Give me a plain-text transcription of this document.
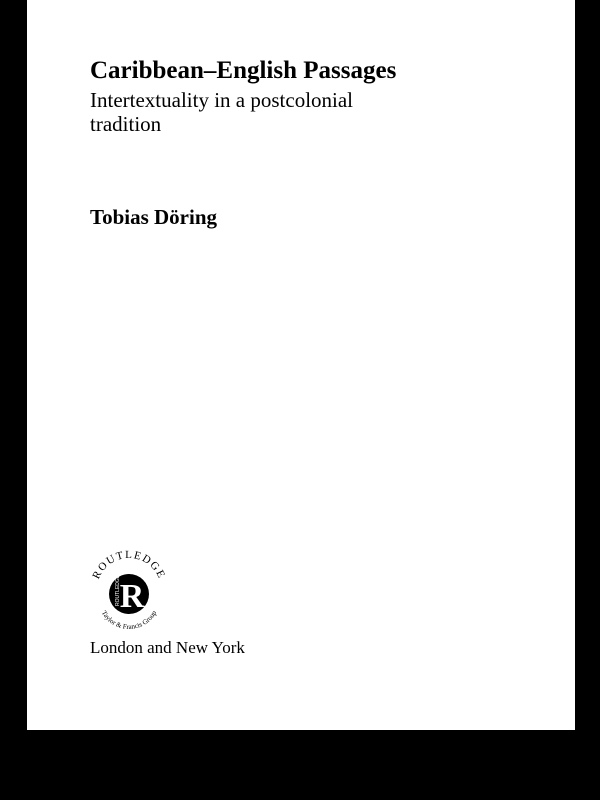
Caribbean–English Passages
Intertextuality in a postcolonial tradition
Tobias Döring
ROUTLEDGE
Taylor & Francis Group
R
ROUTLEDGE
London and New York
